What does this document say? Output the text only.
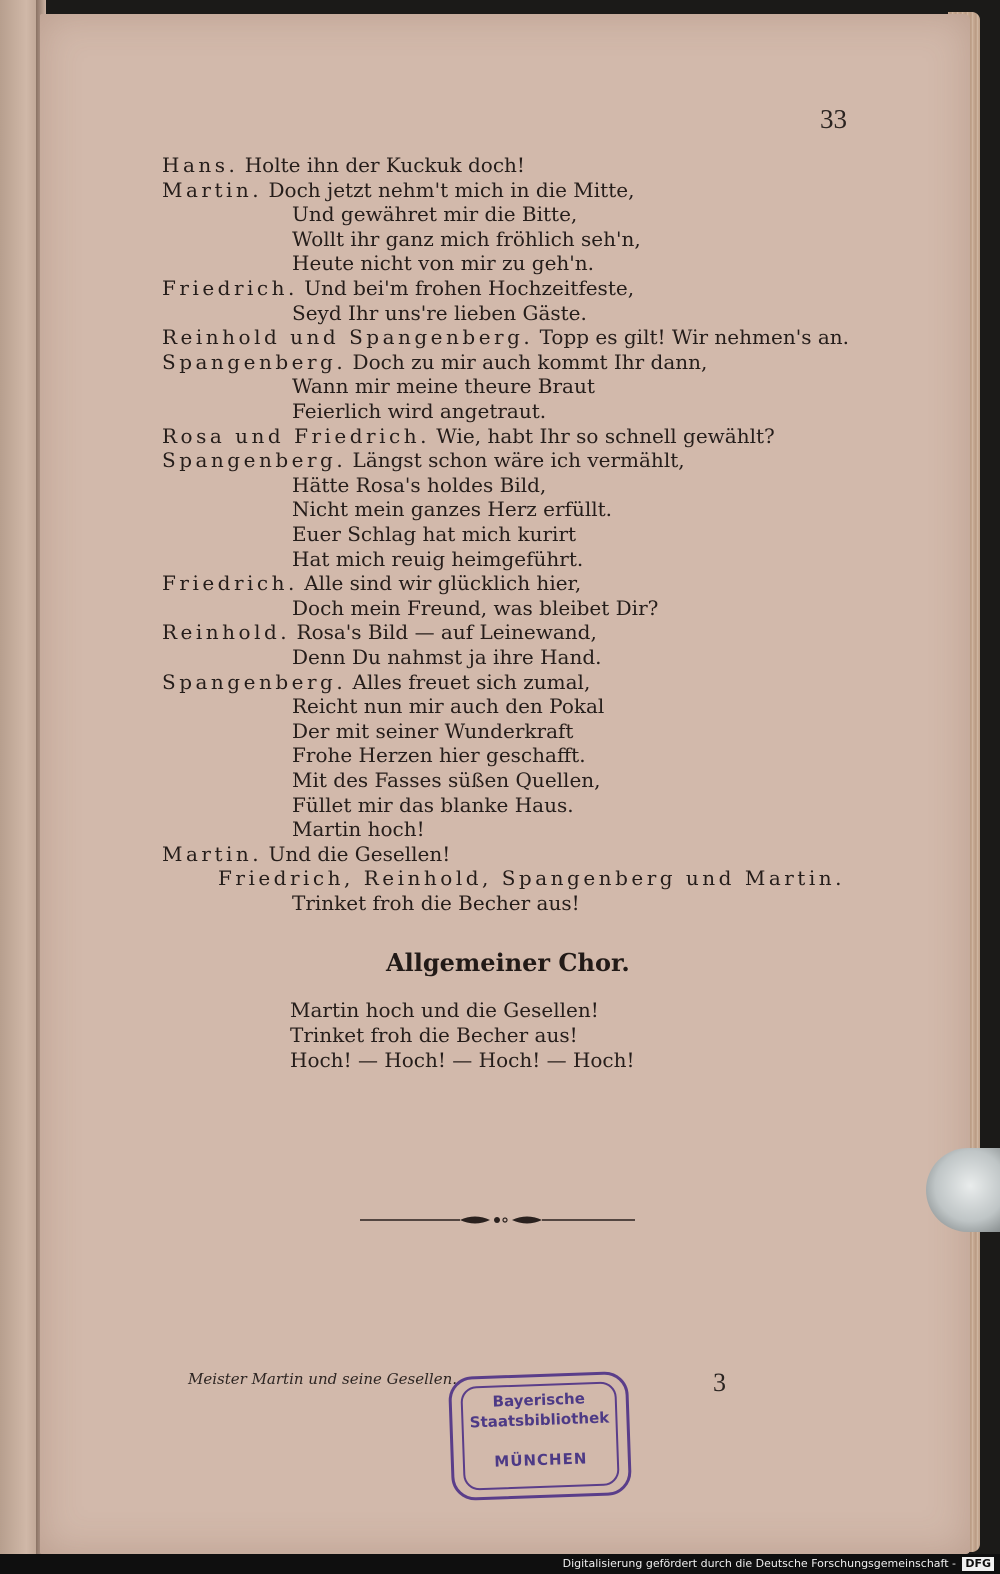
33
Hans. Holte ihn der Kuckuk doch!
Martin. Doch jetzt nehm't mich in die Mitte,
Und gewähret mir die Bitte,
Wollt ihr ganz mich fröhlich seh'n,
Heute nicht von mir zu geh'n.
Friedrich. Und bei'm frohen Hochzeitfeste,
Seyd Ihr uns're lieben Gäste.
Reinhold und Spangenberg. Topp es gilt! Wir nehmen's an.
Spangenberg. Doch zu mir auch kommt Ihr dann,
Wann mir meine theure Braut
Feierlich wird angetraut.
Rosa und Friedrich. Wie, habt Ihr so schnell gewählt?
Spangenberg. Längst schon wäre ich vermählt,
Hätte Rosa's holdes Bild,
Nicht mein ganzes Herz erfüllt.
Euer Schlag hat mich kurirt
Hat mich reuig heimgeführt.
Friedrich. Alle sind wir glücklich hier,
Doch mein Freund, was bleibet Dir?
Reinhold. Rosa's Bild — auf Leinewand,
Denn Du nahmst ja ihre Hand.
Spangenberg. Alles freuet sich zumal,
Reicht nun mir auch den Pokal
Der mit seiner Wunderkraft
Frohe Herzen hier geschafft.
Mit des Fasses süßen Quellen,
Füllet mir das blanke Haus.
Martin hoch!
Martin. Und die Gesellen!
Friedrich, Reinhold, Spangenberg und Martin.
Trinket froh die Becher aus!
Allgemeiner Chor.
Martin hoch und die Gesellen!
Trinket froh die Becher aus!
Hoch! — Hoch! — Hoch! — Hoch!
Meister Martin und seine Gesellen.	3
Bayerische
Staatsbibliothek
MÜNCHEN
Digitalisierung gefördert durch die Deutsche Forschungsgemeinschaft - DFG
